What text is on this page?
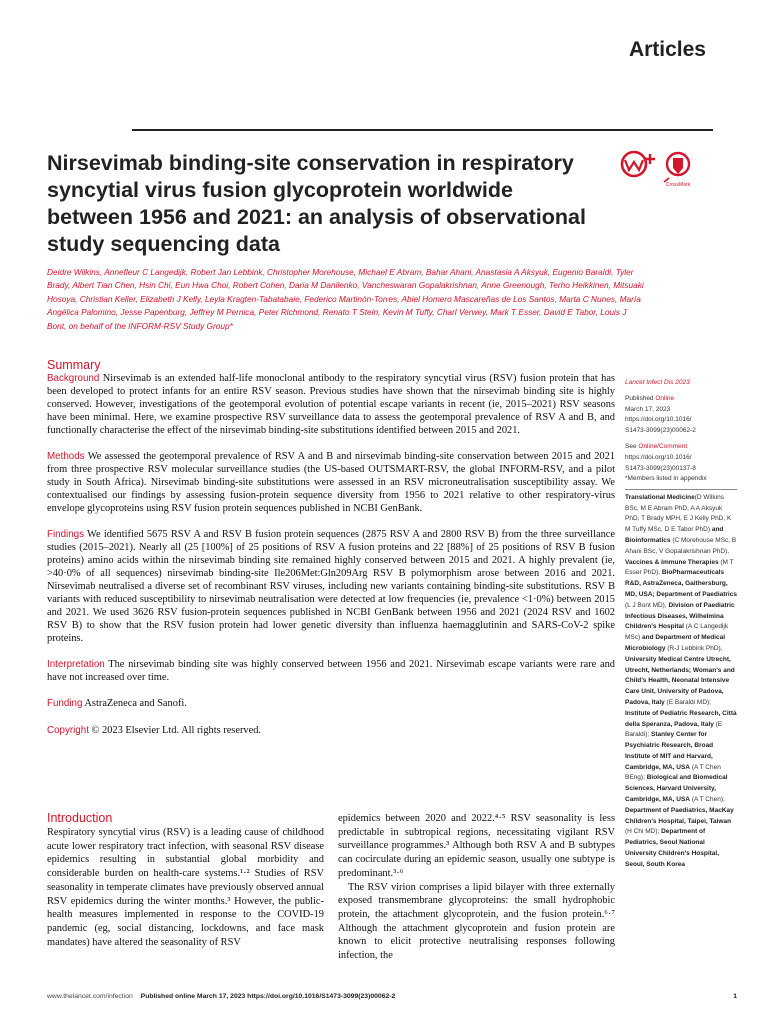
Articles
Nirsevimab binding-site conservation in respiratory syncytial virus fusion glycoprotein worldwide between 1956 and 2021: an analysis of observational study sequencing data
CrossMark

Deidre Wilkins, Annefleur C Langedijk, Robert Jan Lebbink, Christopher Morehouse, Michael E Abram, Bahar Ahani, Anastasia A Aksyuk, Eugenio Baraldi, Tyler Brady, Albert Tian Chen, Hsin Chi, Eun Hwa Choi, Robert Cohen, Daria M Danilenko, Vancheswaran Gopalakrishnan, Anne Greenough, Terho Heikkinen, Mitsuaki Hosoya, Christian Keller, Elizabeth J Kelly, Leyla Kragten-Tabatabaie, Federico Martinón-Torres, Abiel Homero Mascareñas de Los Santos, Marta C Nunes, María Angélica Palomino, Jesse Papenburg, Jeffrey M Pernica, Peter Richmond, Renato T Stein, Kevin M Tuffy, Charl Verwey, Mark T Esser, David E Tabor, Louis J Bont, on behalf of the INFORM-RSV Study Group*

Summary

Background Nirsevimab is an extended half-life monoclonal antibody to the respiratory syncytial virus (RSV) fusion protein that has been developed to protect infants for an entire RSV season. Previous studies have shown that the nirsevimab binding site is highly conserved. However, investigations of the geotemporal evolution of potential escape variants in recent (ie, 2015–2021) RSV seasons have been minimal. Here, we examine prospective RSV surveillance data to assess the geotemporal prevalence of RSV A and B, and functionally characterise the effect of the nirsevimab binding-site substitutions identified between 2015 and 2021.

Methods We assessed the geotemporal prevalence of RSV A and B and nirsevimab binding-site conservation between 2015 and 2021 from three prospective RSV molecular surveillance studies (the US-based OUTSMART-RSV, the global INFORM-RSV, and a pilot study in South Africa). Nirsevimab binding-site substitutions were assessed in an RSV microneutralisation susceptibility assay. We contextualised our findings by assessing fusion-protein sequence diversity from 1956 to 2021 relative to other respiratory-virus envelope glycoproteins using RSV fusion protein sequences published in NCBI GenBank.

Findings We identified 5675 RSV A and RSV B fusion protein sequences (2875 RSV A and 2800 RSV B) from the three surveillance studies (2015–2021). Nearly all (25 [100%] of 25 positions of RSV A fusion proteins and 22 [88%] of 25 positions of RSV B fusion proteins) amino acids within the nirsevimab binding site remained highly conserved between 2015 and 2021. A highly prevalent (ie, >40·0% of all sequences) nirsevimab binding-site Ile206Met:Gln209Arg RSV B polymorphism arose between 2016 and 2021. Nirsevimab neutralised a diverse set of recombinant RSV viruses, including new variants containing binding-site substitutions. RSV B variants with reduced susceptibility to nirsevimab neutralisation were detected at low frequencies (ie, prevalence <1·0%) between 2015 and 2021. We used 3626 RSV fusion-protein sequences published in NCBI GenBank between 1956 and 2021 (2024 RSV and 1602 RSV B) to show that the RSV fusion protein had lower genetic diversity than influenza haemagglutinin and SARS-CoV-2 spike proteins.

Interpretation The nirsevimab binding site was highly conserved between 1956 and 2021. Nirsevimab escape variants were rare and have not increased over time.

Funding AstraZeneca and Sanofi.

Copyright © 2023 Elsevier Ltd. All rights reserved.

Lancet Infect Dis 2023
Published Online
March 17, 2023
https://doi.org/10.1016/
S1473-3099(23)00062-2
See Online/Comment
https://doi.org/10.1016/
S1473-3099(23)00137-8
*Members listed in appendix
Translational Medicine(D Wilkins BSc, M E Abram PhD, A A Aksyuk PhD, T Brady MPH, E J Kelly PhD, K M Tuffy MSc, D E Tabor PhD) and Bioinformatics (C Morehouse MSc, B Ahani BSc, V Gopalakrishnan PhD), Vaccines & Immune Therapies (M T Esser PhD), BioPharmaceuticals R&D, AstraZeneca, Gaithersburg, MD, USA; Department of Paediatrics (L J Bont MD), Division of Paediatric Infectious Diseases, Wilhelmina Children's Hospital (A C Langedijk MSc) and Department of Medical Microbiology (R-J Lebbink PhD), University Medical Centre Utrecht, Utrecht, Netherlands; Woman's and Child's Health, Neonatal Intensive Care Unit, University of Padova, Padova, Italy (E Baraldi MD); Institute of Pediatric Research, Città della Speranza, Padova, Italy (E Baraldi); Stanley Center for Psychiatric Research, Broad Institute of MIT and Harvard, Cambridge, MA, USA (A T Chen BEng); Biological and Biomedical Sciences, Harvard University, Cambridge, MA, USA (A T Chen); Department of Paediatrics, MacKay Children's Hospital, Taipei, Taiwan (H Chi MD); Department of Pediatrics, Seoul National University Children's Hospital, Seoul, South Korea
Introduction

Respiratory syncytial virus (RSV) is a leading cause of childhood acute lower respiratory tract infection, with seasonal RSV disease epidemics resulting in substantial global morbidity and considerable burden on health-care systems.¹·² Studies of RSV seasonality in temperate climates have previously observed annual RSV epidemics during the winter months.³ However, the public-health measures implemented in response to the COVID-19 pandemic (eg, social distancing, lockdowns, and face mask mandates) have altered the seasonality of RSV

epidemics between 2020 and 2022.⁴·⁵ RSV seasonality is less predictable in subtropical regions, necessitating vigilant RSV surveillance programmes.³ Although both RSV A and B subtypes can cocirculate during an epidemic season, usually one subtype is predominant.³·⁶

The RSV virion comprises a lipid bilayer with three externally exposed transmembrane glycoproteins: the small hydrophobic protein, the attachment glycoprotein, and the fusion protein.⁶·⁷ Although the attachment glycoprotein and fusion protein are known to elicit protective neutralising responses following infection, the

www.thelancet.com/infection Published online March 17, 2023 https://doi.org/10.1016/S1473-3099(23)00062-2	1
